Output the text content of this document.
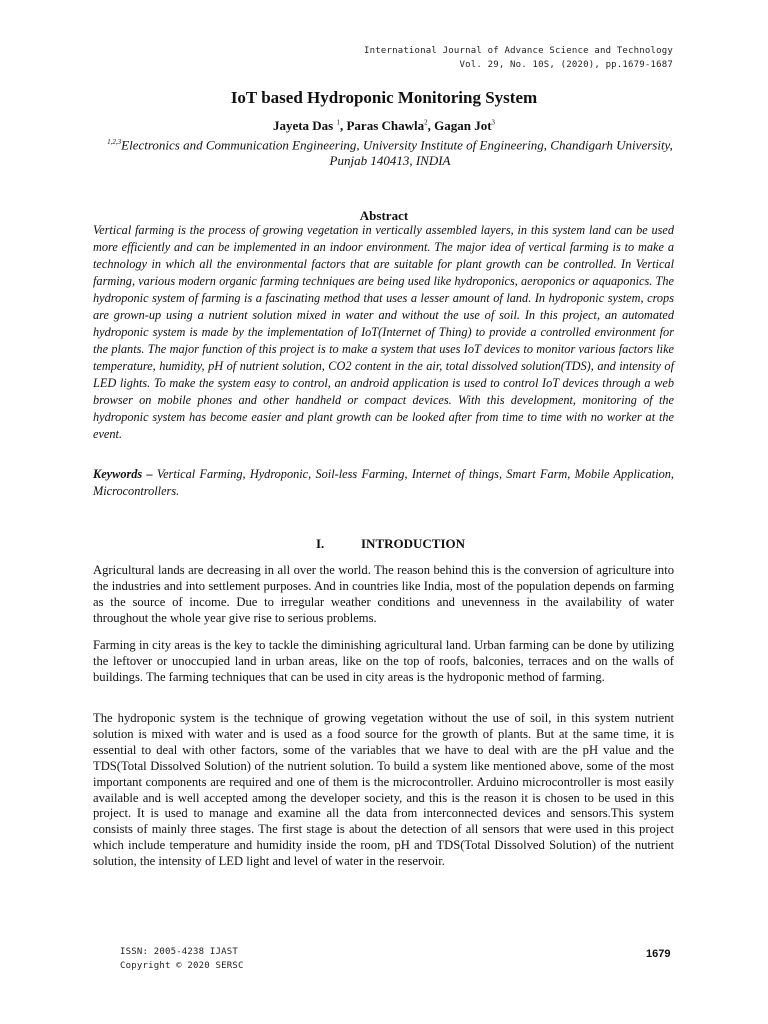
International Journal of Advance Science and Technology
Vol. 29, No. 10S, (2020), pp.1679-1687
IoT based Hydroponic Monitoring System
Jayeta Das $^1$, Paras Chawla$^2$, Gagan Jot$^3$
$^{1,2,3}$Electronics and Communication Engineering, University Institute of Engineering, Chandigarh University, Punjab 140413, INDIA
Abstract

Vertical farming is the process of growing vegetation in vertically assembled layers, in this system land can be used more efficiently and can be implemented in an indoor environment. The major idea of vertical farming is to make a technology in which all the environmental factors that are suitable for plant growth can be controlled. In Vertical farming, various modern organic farming techniques are being used like hydroponics, aeroponics or aquaponics. The hydroponic system of farming is a fascinating method that uses a lesser amount of land. In hydroponic system, crops are grown-up using a nutrient solution mixed in water and without the use of soil. In this project, an automated hydroponic system is made by the implementation of IoT(Internet of Thing) to provide a controlled environment for the plants. The major function of this project is to make a system that uses IoT devices to monitor various factors like temperature, humidity, pH of nutrient solution, CO2 content in the air, total dissolved solution(TDS), and intensity of LED lights. To make the system easy to control, an android application is used to control IoT devices through a web browser on mobile phones and other handheld or compact devices. With this development, monitoring of the hydroponic system has become easier and plant growth can be looked after from time to time with no worker at the event.

Keywords – Vertical Farming, Hydroponic, Soil-less Farming, Internet of things, Smart Farm, Mobile Application, Microcontrollers.

I.	INTRODUCTION

Agricultural lands are decreasing in all over the world. The reason behind this is the conversion of agriculture into the industries and into settlement purposes. And in countries like India, most of the population depends on farming as the source of income. Due to irregular weather conditions and unevenness in the availability of water throughout the whole year give rise to serious problems.

Farming in city areas is the key to tackle the diminishing agricultural land. Urban farming can be done by utilizing the leftover or unoccupied land in urban areas, like on the top of roofs, balconies, terraces and on the walls of buildings. The farming techniques that can be used in city areas is the hydroponic method of farming.

The hydroponic system is the technique of growing vegetation without the use of soil, in this system nutrient solution is mixed with water and is used as a food source for the growth of plants. But at the same time, it is essential to deal with other factors, some of the variables that we have to deal with are the pH value and the TDS(Total Dissolved Solution) of the nutrient solution. To build a system like mentioned above, some of the most important components are required and one of them is the microcontroller. Arduino microcontroller is most easily available and is well accepted among the developer society, and this is the reason it is chosen to be used in this project. It is used to manage and examine all the data from interconnected devices and sensors.This system consists of mainly three stages. The first stage is about the detection of all sensors that were used in this project which include temperature and humidity inside the room, pH and TDS(Total Dissolved Solution) of the nutrient solution, the intensity of LED light and level of water in the reservoir.

ISSN: 2005-4238 IJAST
Copyright © 2020 SERSC
1679
